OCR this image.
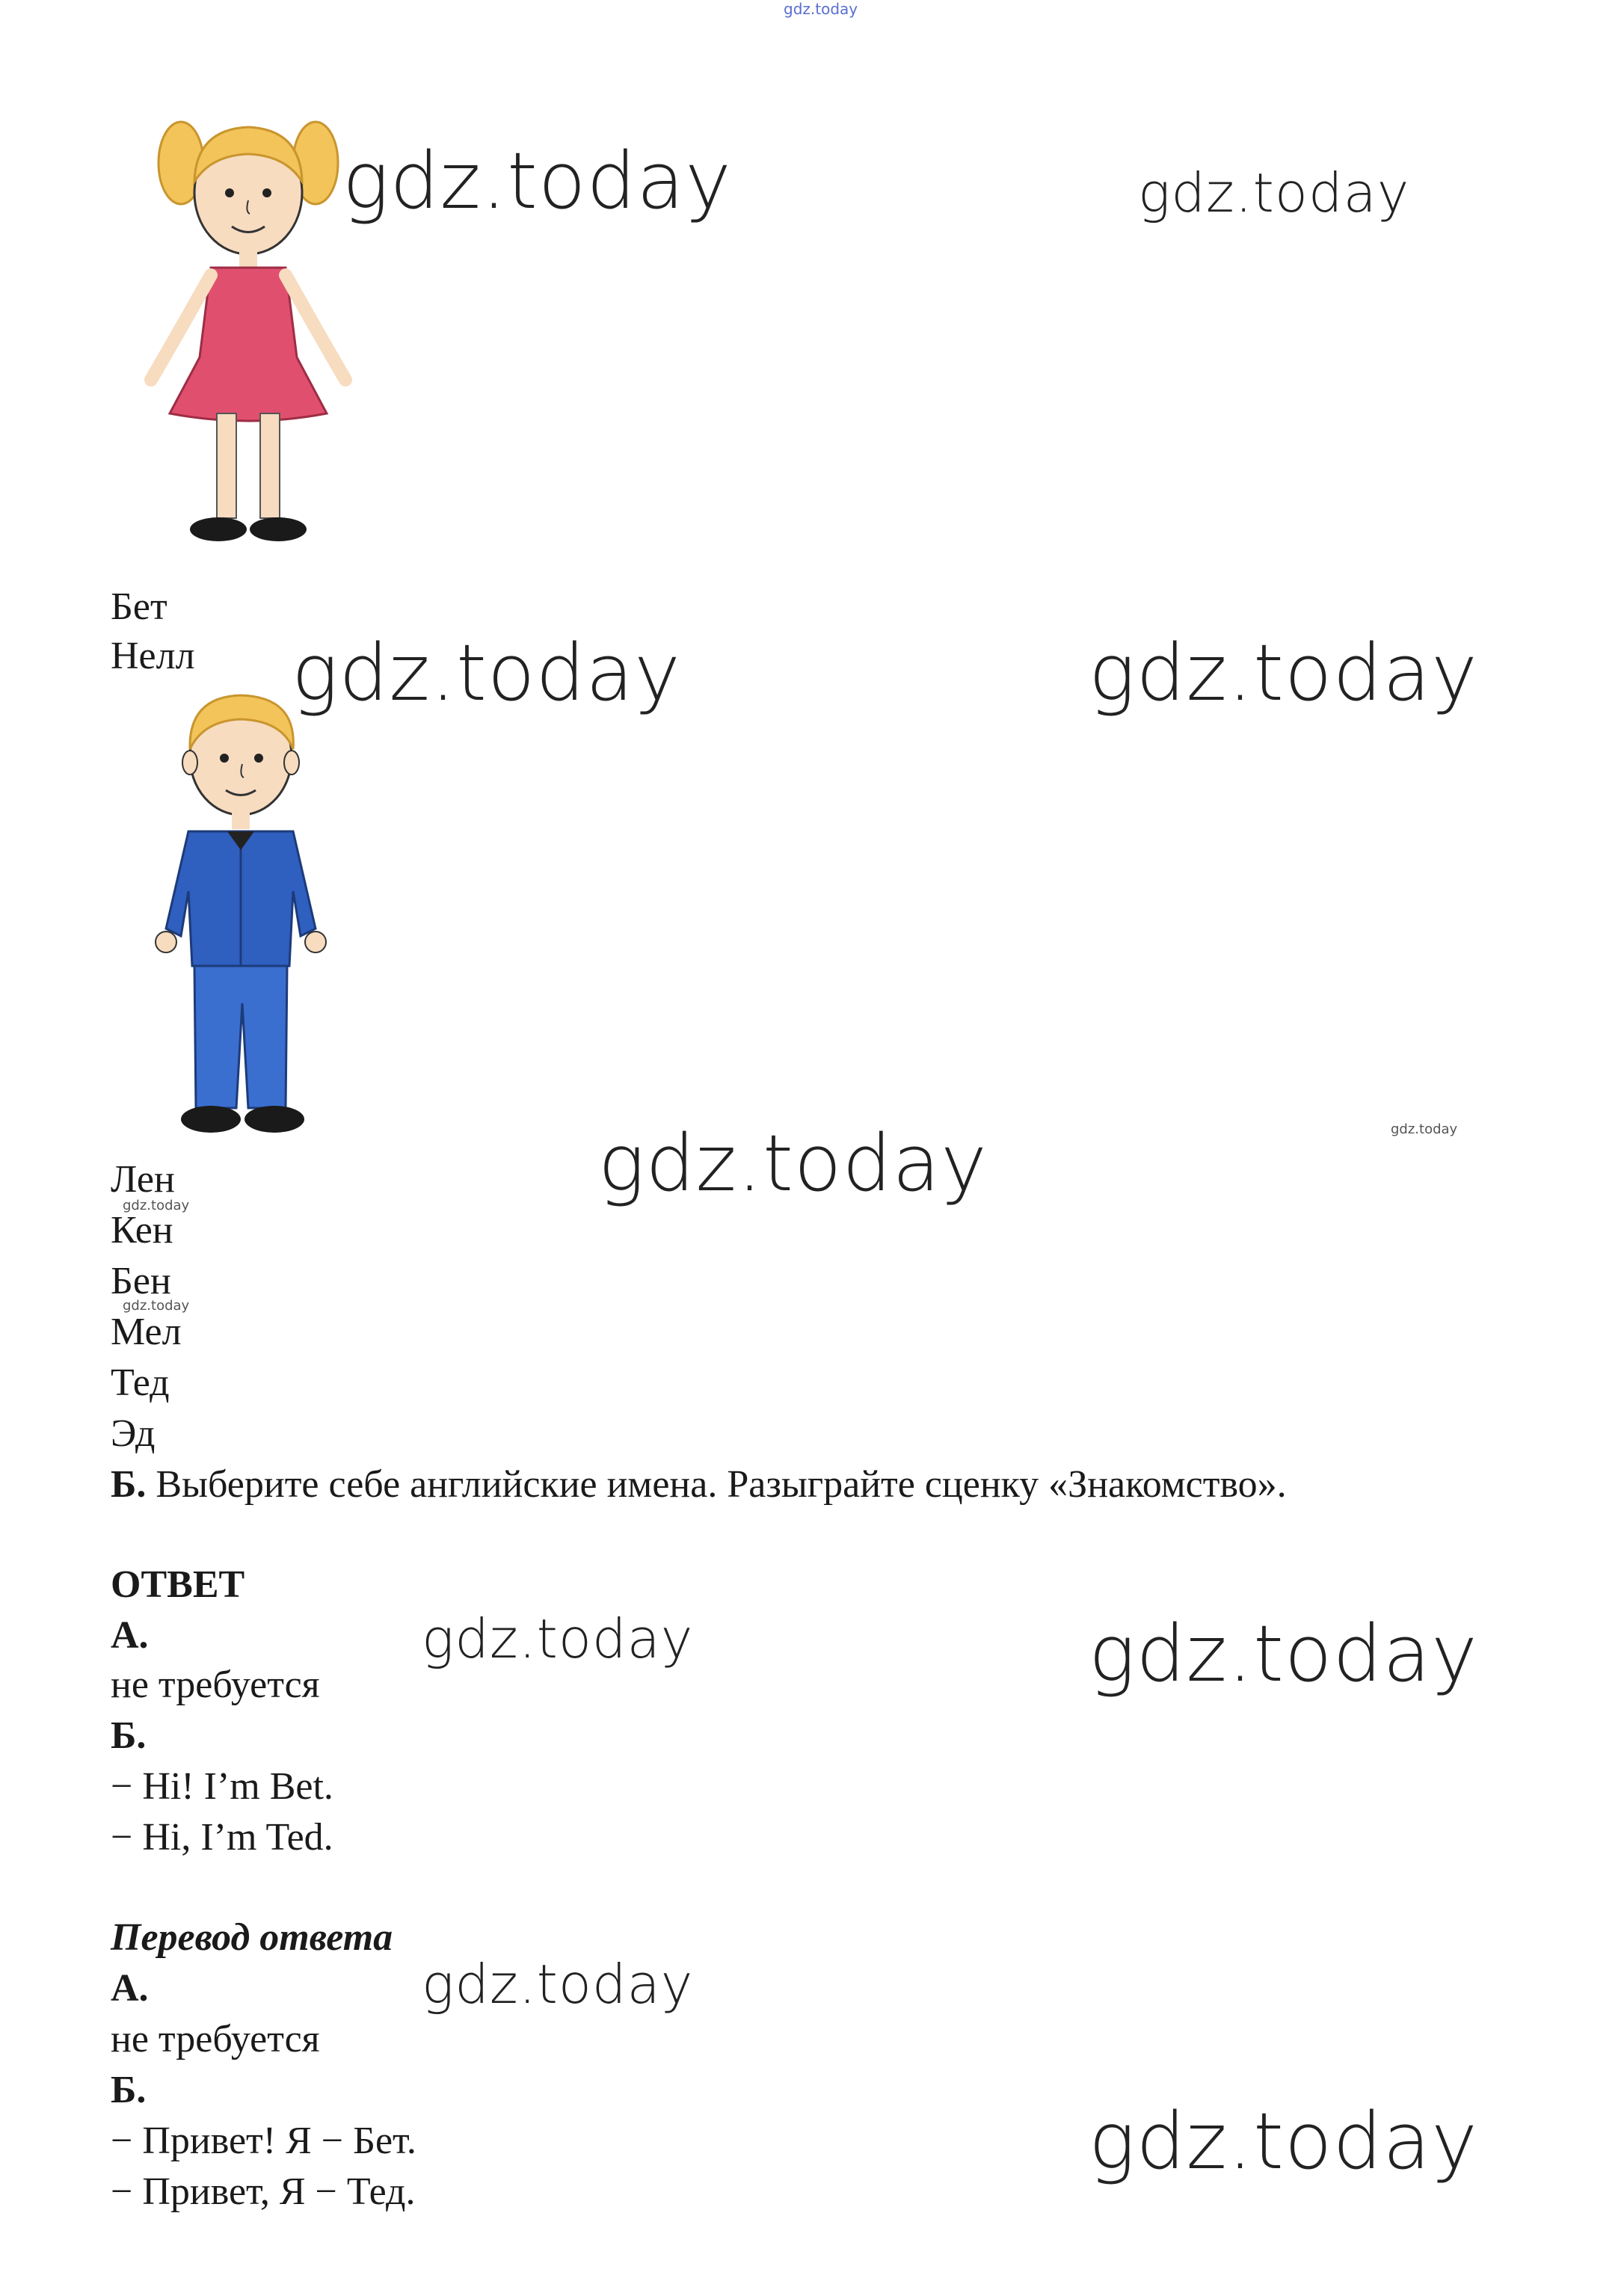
gdz.today
gdz.today	gdz.today
Бет
Нелл gdz.today	gdz.today
gdz.today	gdz.today
Лен
gdz.today
Кен
Бен
gdz.today
Мел
Тед
Эд
Б. Выберите себе английские имена. Разыграйте сценку «Знакомство».
ОТВЕТ
А.
не требуется
Б.
− Hi! I’m Bet.
− Hi, I’m Ted.
gdz.today	gdz.today
Перевод ответа
А.
не требуется
Б.
− Привет! Я − Бет.
− Привет, Я − Тед.
gdz.today
gdz.today
